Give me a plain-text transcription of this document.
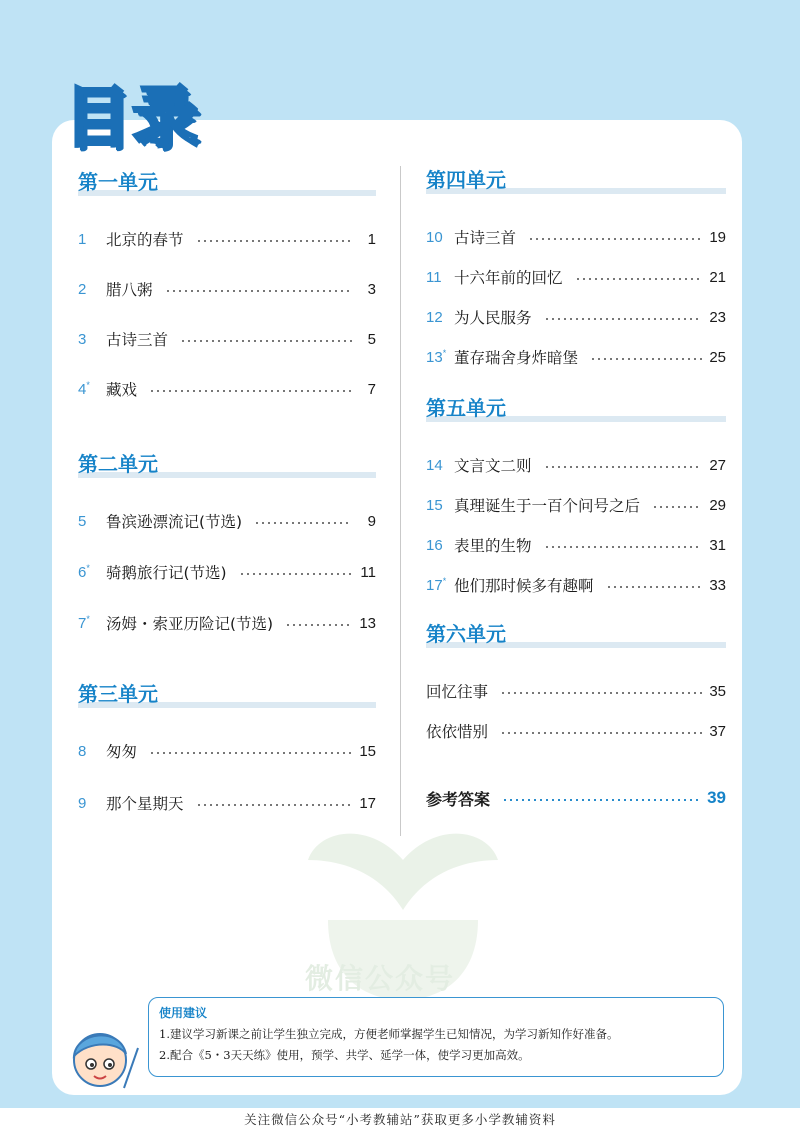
目录
微信公众号
第一单元
1	北京的春节	1
2	腊八粥	3
3	古诗三首	5
4*	藏戏	7
第二单元
5	鲁滨逊漂流记(节选)	9
6*	骑鹅旅行记(节选)	11
7*	汤姆・索亚历险记(节选)	13
第三单元
8	匆匆	15
9	那个星期天	17
第四单元
10 古诗三首	19
11 十六年前的回忆	21
12 为人民服务	23
13* 董存瑞舍身炸暗堡	25
第五单元
14 文言文二则	27
15 真理诞生于一百个问号之后	29
16 表里的生物	31
17* 他们那时候多有趣啊	33
第六单元
回忆往事	35
依依惜别	37
参考答案	39
使用建议
1.建议学习新课之前让学生独立完成，方便老师掌握学生已知情况，为学习新知作好准备。
2.配合《5・3天天练》使用，预学、共学、延学一体，使学习更加高效。
关注微信公众号“小考教辅站”获取更多小学教辅资料
